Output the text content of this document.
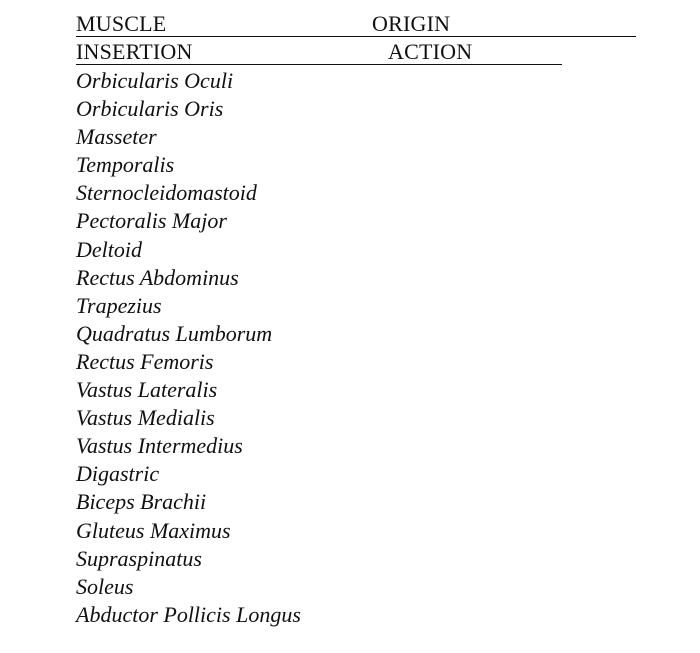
MUSCLE	ORIGIN
INSERTION	ACTION
Orbicularis Oculi
Orbicularis Oris
Masseter
Temporalis
Sternocleidomastoid
Pectoralis Major
Deltoid
Rectus Abdominus
Trapezius
Quadratus Lumborum
Rectus Femoris
Vastus Lateralis
Vastus Medialis
Vastus Intermedius
Digastric
Biceps Brachii
Gluteus Maximus
Supraspinatus
Soleus
Abductor Pollicis Longus
